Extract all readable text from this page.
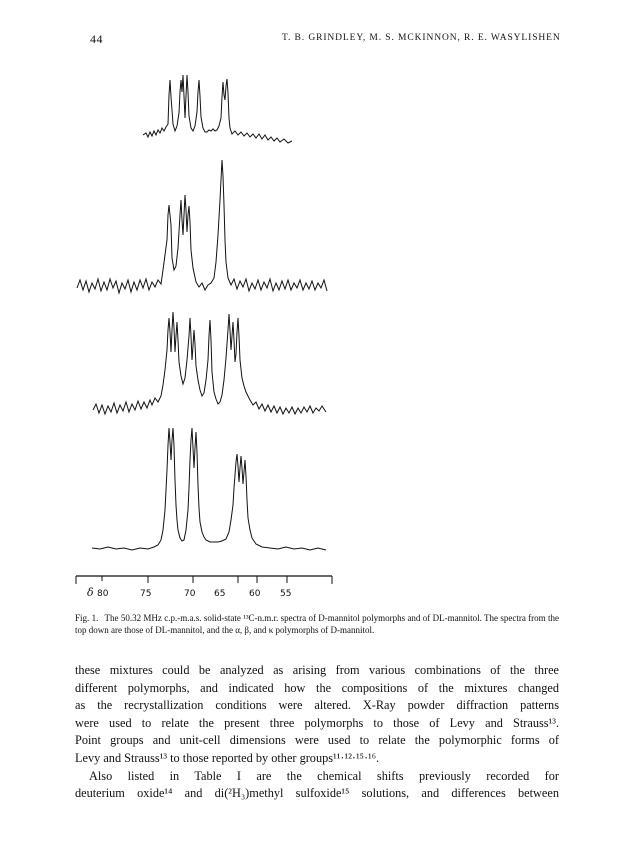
44	T. B. GRINDLEY, M. S. MCKINNON, R. E. WASYLISHEN
δ 80	75	70 65	60 55
Fig. 1. The 50.32 MHz c.p.-m.a.s. solid-state ¹³C-n.m.r. spectra of D-mannitol polymorphs and of DL-mannitol. The spectra from the top down are those of DL-mannitol, and the α, β, and κ polymorphs of D-mannitol.

these mixtures could be analyzed as arising from various combinations of the three

different polymorphs, and indicated how the compositions of the mixtures changed

as the recrystallization conditions were altered. X-Ray powder diffraction patterns

were used to relate the present three polymorphs to those of Levy and Strauss¹³.

Point groups and unit-cell dimensions were used to relate the polymorphic forms of

Levy and Strauss¹³ to those reported by other groups¹¹·¹²·¹⁵·¹⁶.

Also listed in Table I are the chemical shifts previously recorded for

deuterium oxide¹⁴ and di(²H₃)methyl sulfoxide¹⁵ solutions, and differences between
